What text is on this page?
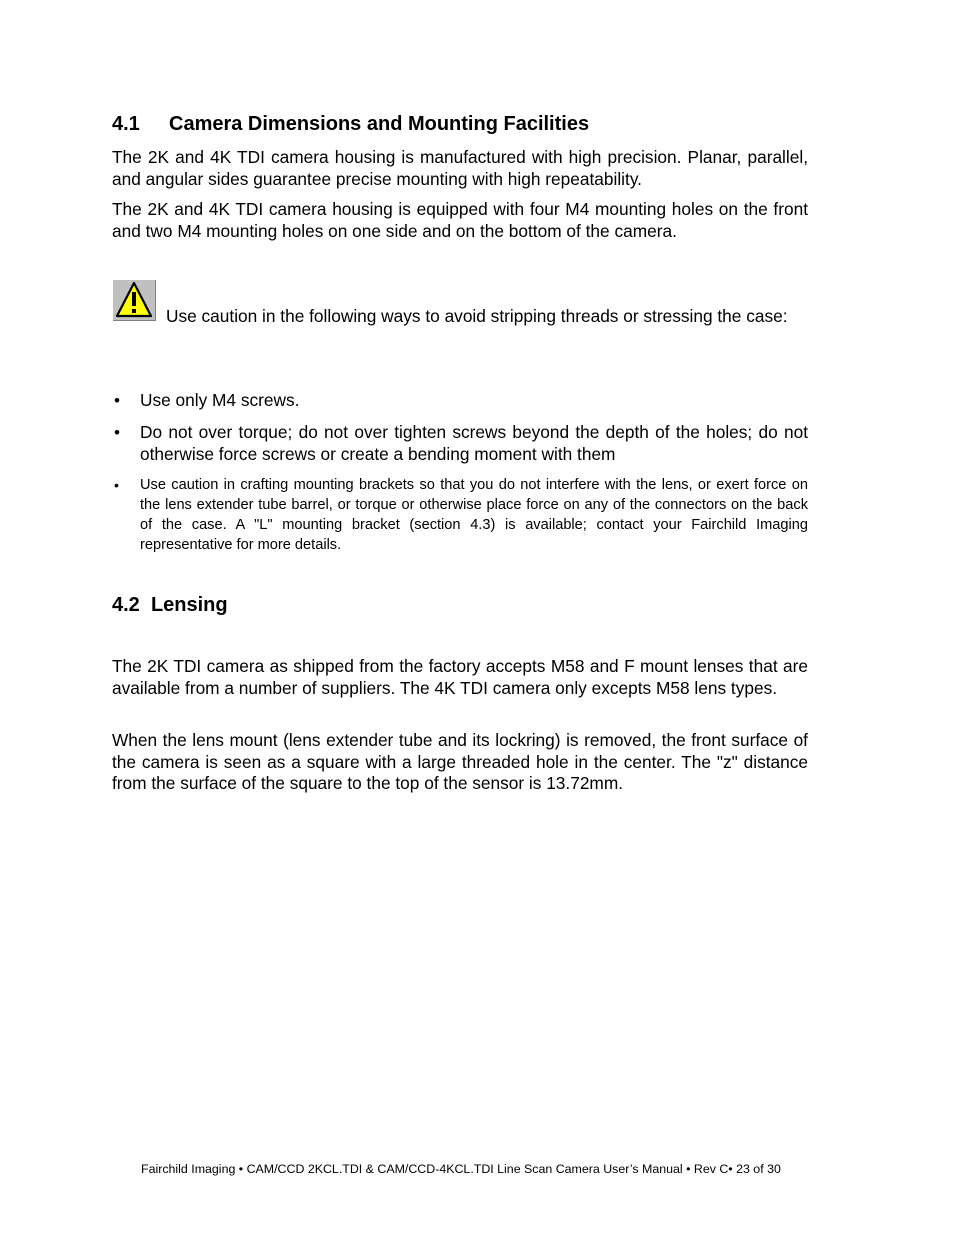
4.1 Camera Dimensions and Mounting Facilities
The 2K and 4K TDI camera housing is manufactured with high precision. Planar, parallel, and angular sides guarantee precise mounting with high repeatability.
The 2K and 4K TDI camera housing is equipped with four M4 mounting holes on the front and two M4 mounting holes on one side and on the bottom of the camera.
Use caution in the following ways to avoid stripping threads or stressing the case:
• Use only M4 screws.
• Do not over torque; do not over tighten screws beyond the depth of the holes; do not otherwise force screws or create a bending moment with them
• Use caution in crafting mounting brackets so that you do not interfere with the lens, or exert force on the lens extender tube barrel, or torque or otherwise place force on any of the connectors on the back of the case. A "L" mounting bracket (section 4.3) is available; contact your Fairchild Imaging representative for more details.
4.2 Lensing
The 2K TDI camera as shipped from the factory accepts M58 and F mount lenses that are available from a number of suppliers. The 4K TDI camera only excepts M58 lens types.
When the lens mount (lens extender tube and its lockring) is removed, the front surface of the camera is seen as a square with a large threaded hole in the center. The "z" distance from the surface of the square to the top of the sensor is 13.72mm.
Fairchild Imaging • CAM/CCD 2KCL.TDI & CAM/CCD-4KCL.TDI Line Scan Camera User’s Manual • Rev C• 23 of 30
